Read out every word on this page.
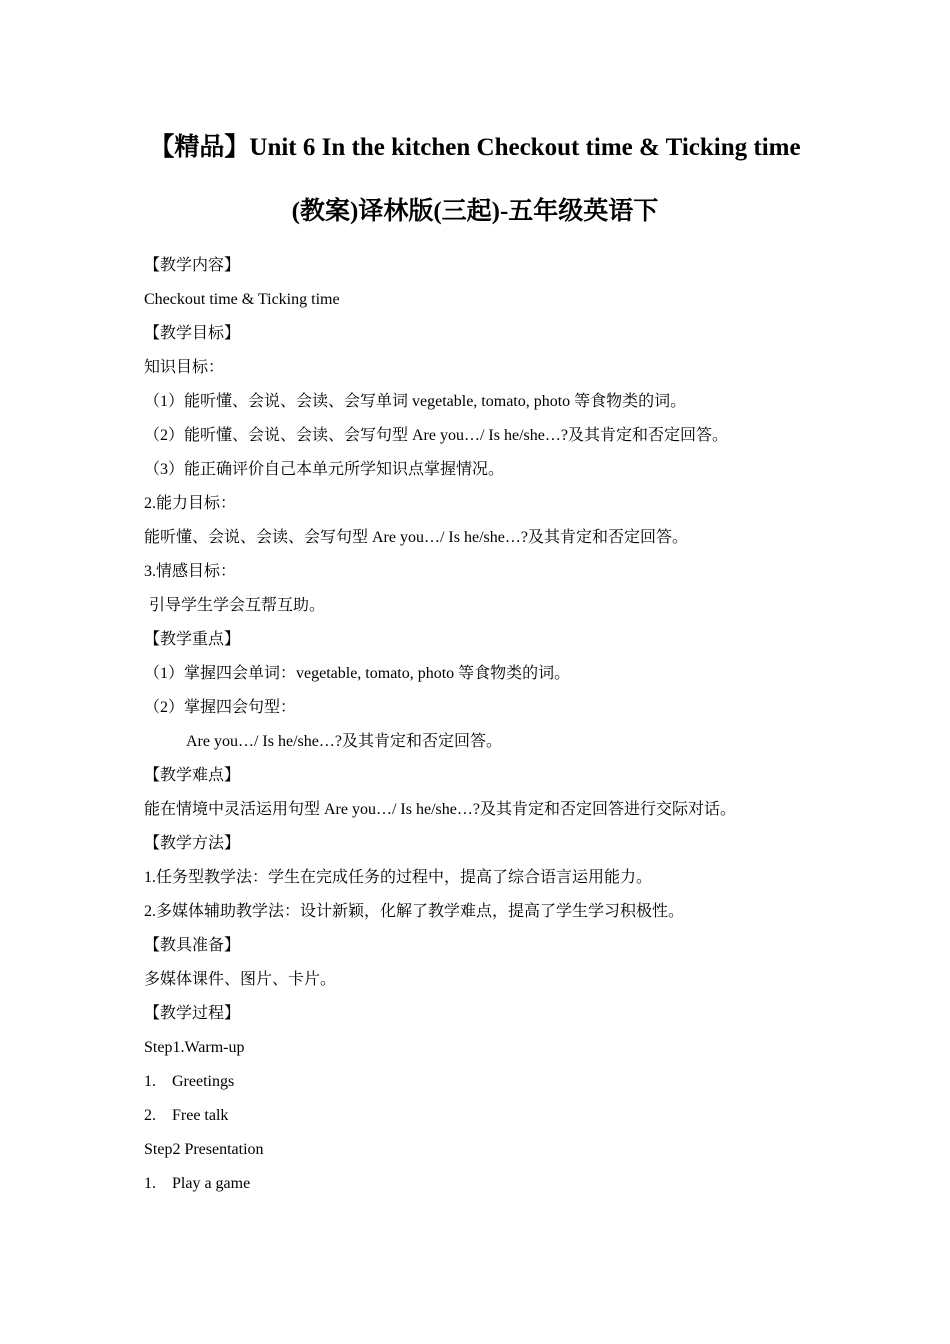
【精品】Unit 6 In the kitchen Checkout time & Ticking time
(教案)译林版(三起)-五年级英语下
【教学内容】
Checkout time & Ticking time
【教学目标】
知识目标：
（1）能听懂、会说、会读、会写单词 vegetable, tomato, photo 等食物类的词。
（2）能听懂、会说、会读、会写句型 Are you…/ Is he/she…?及其肯定和否定回答。
（3）能正确评价自己本单元所学知识点掌握情况。
2.能力目标：
能听懂、会说、会读、会写句型 Are you…/ Is he/she…?及其肯定和否定回答。
3.情感目标：
引导学生学会互帮互助。
【教学重点】
（1）掌握四会单词：vegetable, tomato, photo 等食物类的词。
（2）掌握四会句型：
Are you…/ Is he/she…?及其肯定和否定回答。
【教学难点】
能在情境中灵活运用句型 Are you…/ Is he/she…?及其肯定和否定回答进行交际对话。
【教学方法】
1.任务型教学法：学生在完成任务的过程中，提高了综合语言运用能力。
2.多媒体辅助教学法：设计新颖，化解了教学难点，提高了学生学习积极性。
【教具准备】
多媒体课件、图片、卡片。
【教学过程】
Step1.Warm-up
1. Greetings
2. Free talk
Step2 Presentation
1. Play a game
